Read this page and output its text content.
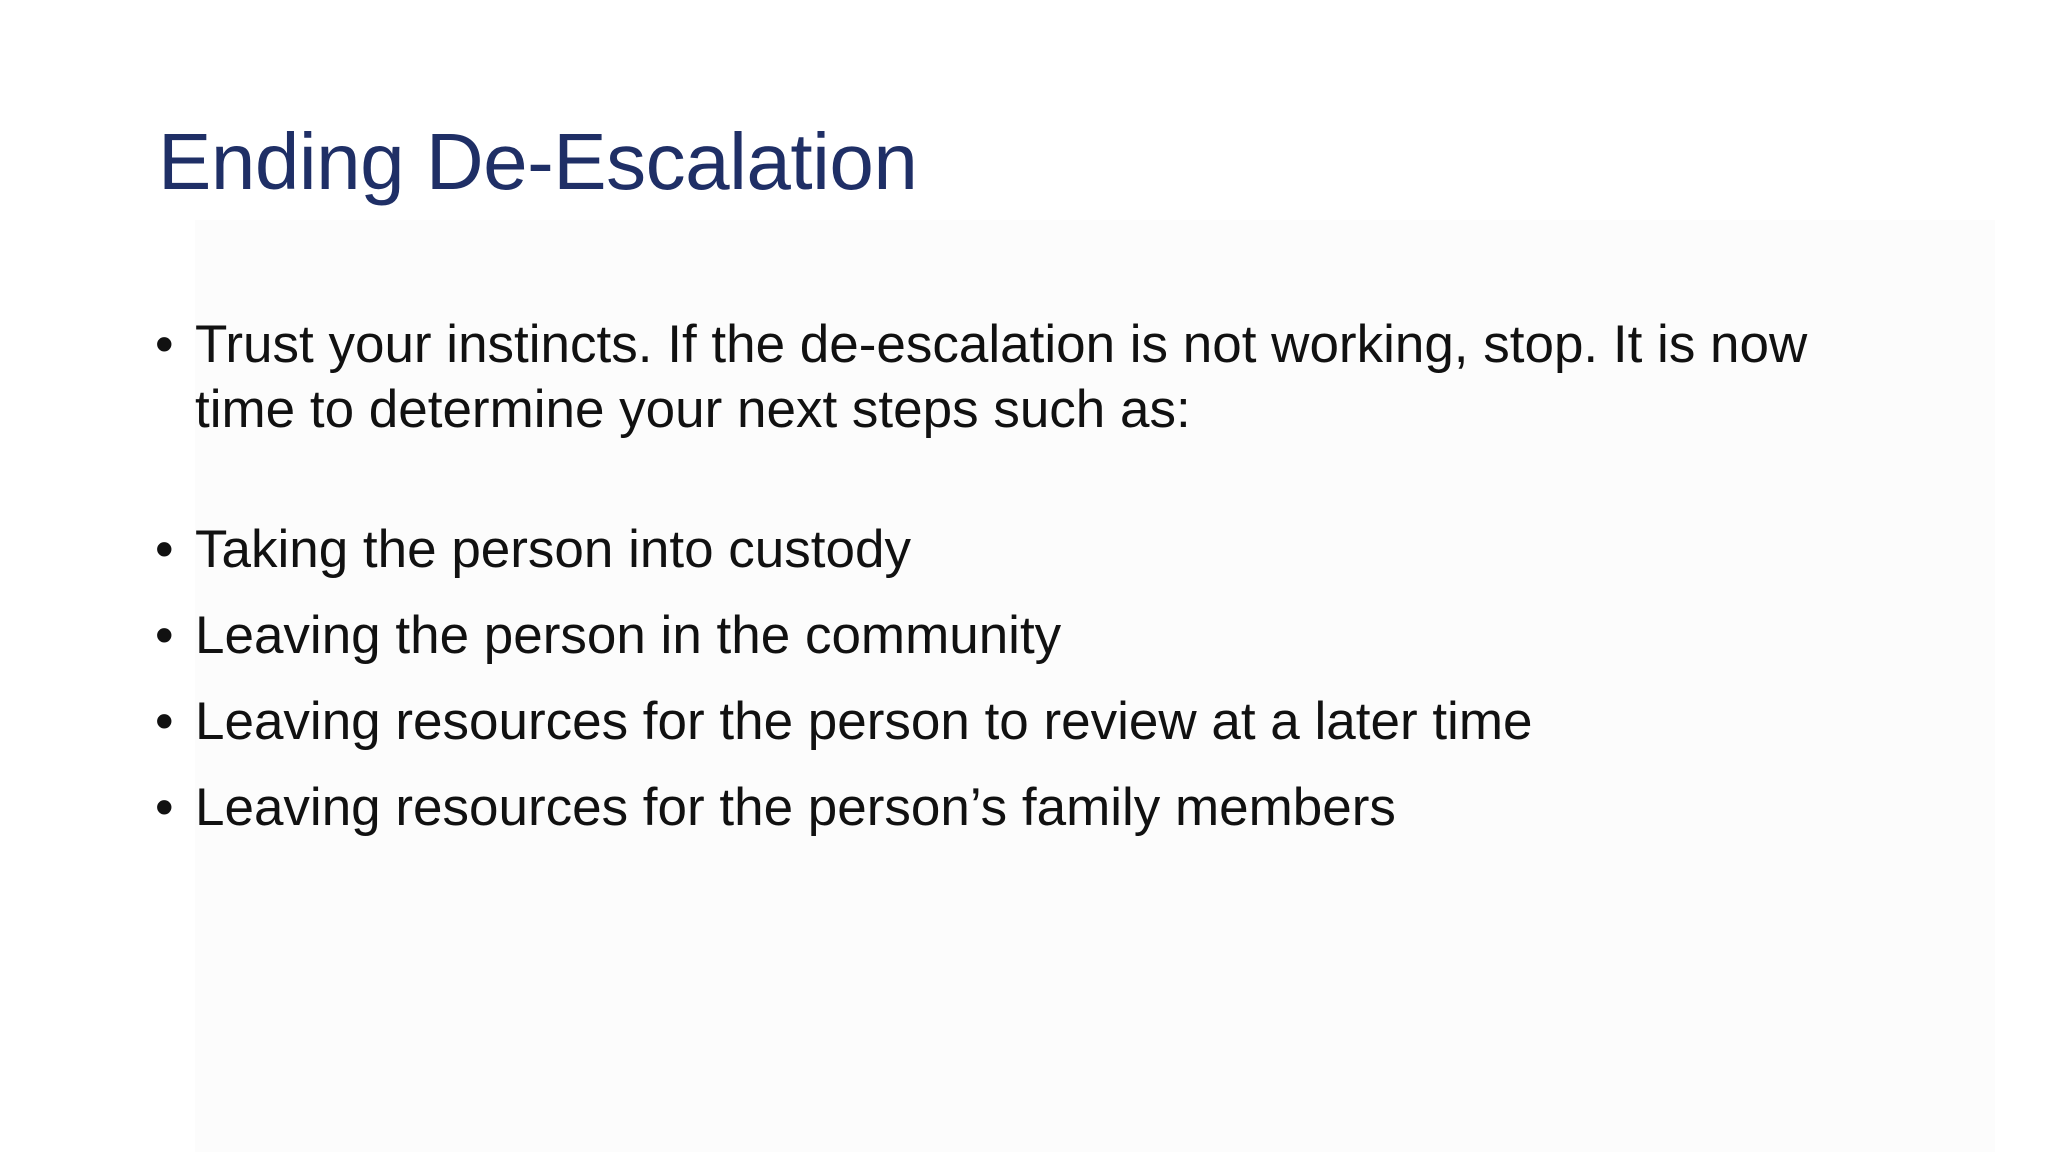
Ending De-Escalation
• Trust your instincts. If the de-escalation is not working, stop. It is now time to determine your next steps such as:
• Taking the person into custody
• Leaving the person in the community
• Leaving resources for the person to review at a later time
• Leaving resources for the person’s family members
